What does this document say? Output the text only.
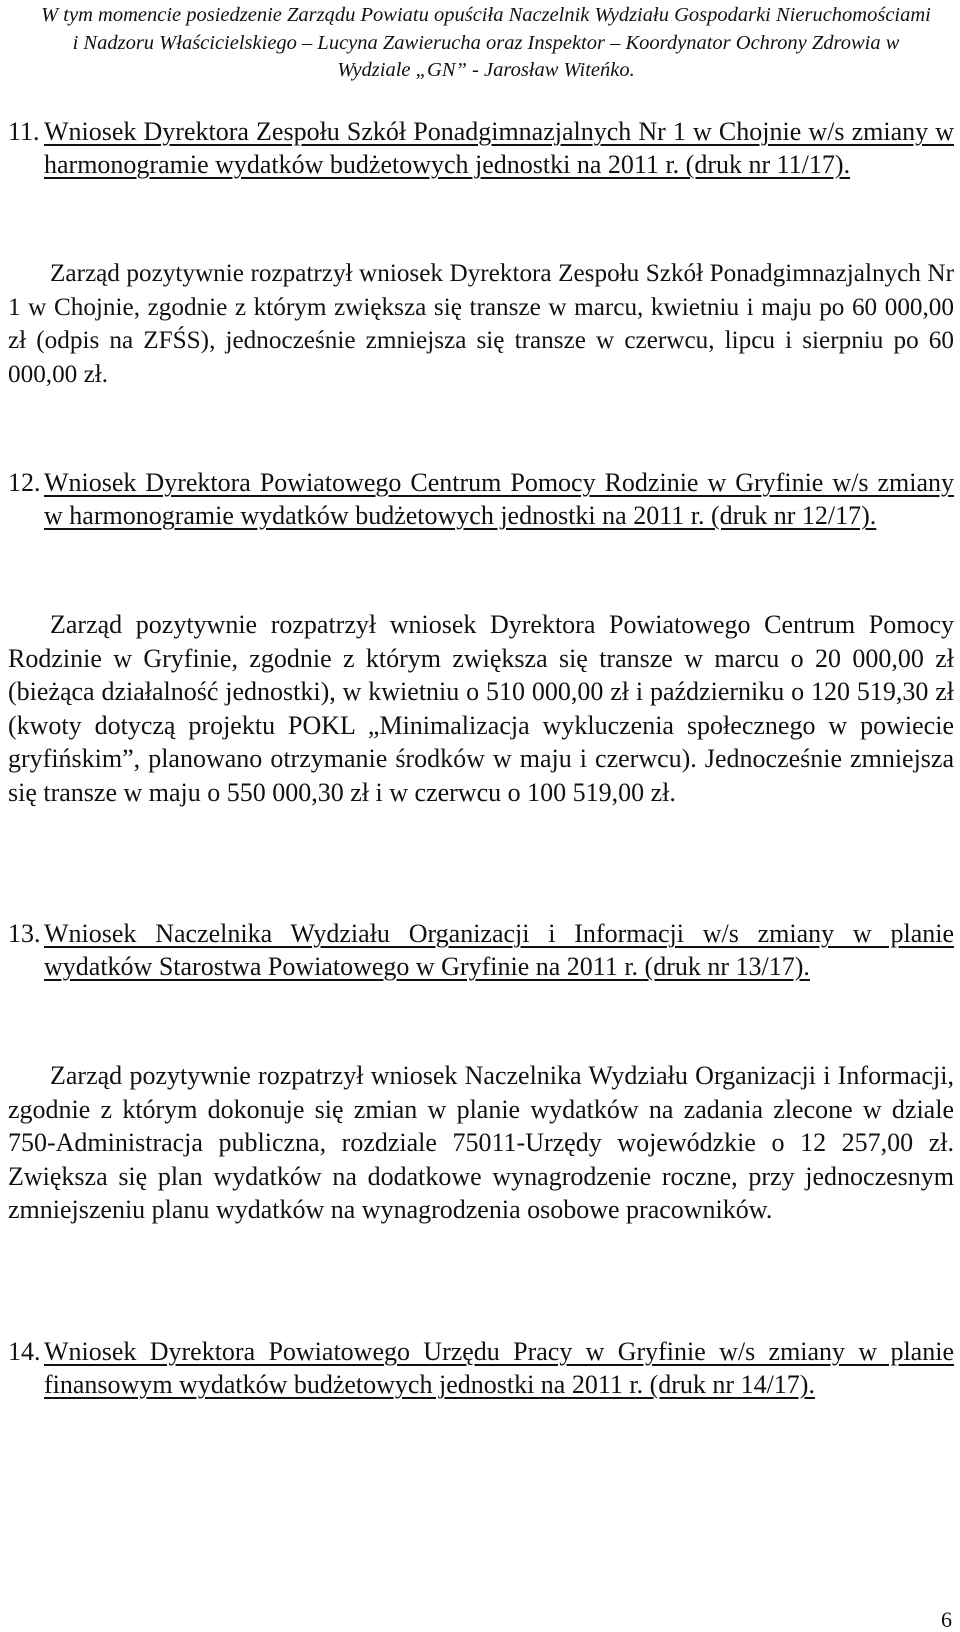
W tym momencie posiedzenie Zarządu Powiatu opuściła Naczelnik Wydziału Gospodarki Nieruchomościami i Nadzoru Właścicielskiego – Lucyna Zawierucha oraz Inspektor – Koordynator Ochrony Zdrowia w Wydziale „GN” - Jarosław Witeńko.
11. Wniosek Dyrektora Zespołu Szkół Ponadgimnazjalnych Nr 1 w Chojnie w/s zmiany w harmonogramie wydatków budżetowych jednostki na 2011 r. (druk nr 11/17).
Zarząd pozytywnie rozpatrzył wniosek Dyrektora Zespołu Szkół Ponadgimnazjalnych Nr 1 w Chojnie, zgodnie z którym zwiększa się transze w marcu, kwietniu i maju po 60 000,00 zł (odpis na ZFŚS), jednocześnie zmniejsza się transze w czerwcu, lipcu i sierpniu po 60 000,00 zł.
12. Wniosek Dyrektora Powiatowego Centrum Pomocy Rodzinie w Gryfinie w/s zmiany w harmonogramie wydatków budżetowych jednostki na 2011 r. (druk nr 12/17).
Zarząd pozytywnie rozpatrzył wniosek Dyrektora Powiatowego Centrum Pomocy Rodzinie w Gryfinie, zgodnie z którym zwiększa się transze w marcu o 20 000,00 zł (bieżąca działalność jednostki), w kwietniu o 510 000,00 zł i październiku o 120 519,30 zł (kwoty dotyczą projektu POKL „Minimalizacja wykluczenia społecznego w powiecie gryfińskim”, planowano otrzymanie środków w maju i czerwcu). Jednocześnie zmniejsza się transze w maju o 550 000,30 zł i w czerwcu o 100 519,00 zł.
13. Wniosek Naczelnika Wydziału Organizacji i Informacji w/s zmiany w planie wydatków Starostwa Powiatowego w Gryfinie na 2011 r. (druk nr 13/17).
Zarząd pozytywnie rozpatrzył wniosek Naczelnika Wydziału Organizacji i Informacji, zgodnie z którym dokonuje się zmian w planie wydatków na zadania zlecone w dziale 750-Administracja publiczna, rozdziale 75011-Urzędy wojewódzkie o 12 257,00 zł. Zwiększa się plan wydatków na dodatkowe wynagrodzenie roczne, przy jednoczesnym zmniejszeniu planu wydatków na wynagrodzenia osobowe pracowników.
14. Wniosek Dyrektora Powiatowego Urzędu Pracy w Gryfinie w/s zmiany w planie finansowym wydatków budżetowych jednostki na 2011 r. (druk nr 14/17).
6
